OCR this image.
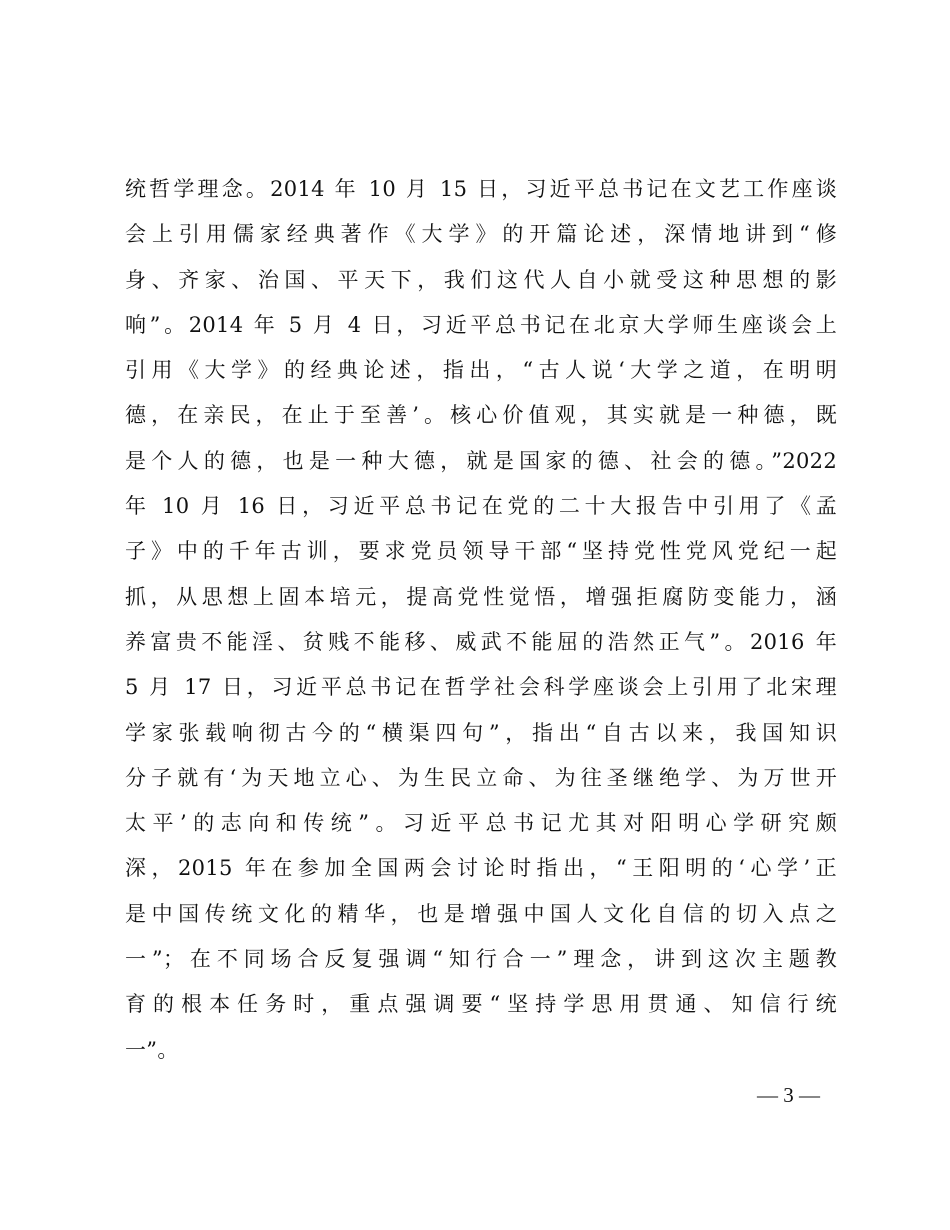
统哲学理念。2014 年 10 月 15 日，习近平总书记在文艺工作座谈
会上引用儒家经典著作《大学》的开篇论述，深情地讲到“修
身、齐家、治国、平天下，我们这代人自小就受这种思想的影
响”。2014 年 5 月 4 日，习近平总书记在北京大学师生座谈会上
引用《大学》的经典论述，指出，“古人说‘大学之道，在明明
德，在亲民，在止于至善’。核心价值观，其实就是一种德，既
是个人的德，也是一种大德，就是国家的德、社会的德。”2022
年 10 月 16 日，习近平总书记在党的二十大报告中引用了《孟
子》中的千年古训，要求党员领导干部“坚持党性党风党纪一起
抓，从思想上固本培元，提高党性觉悟，增强拒腐防变能力，涵
养富贵不能淫、贫贱不能移、威武不能屈的浩然正气”。2016 年
5 月 17 日，习近平总书记在哲学社会科学座谈会上引用了北宋理
学家张载响彻古今的“横渠四句”，指出“自古以来，我国知识
分子就有‘为天地立心、为生民立命、为往圣继绝学、为万世开
太平’的志向和传统”。习近平总书记尤其对阳明心学研究颇
深，2015 年在参加全国两会讨论时指出，“王阳明的‘心学’正
是中国传统文化的精华，也是增强中国人文化自信的切入点之
一”；在不同场合反复强调“知行合一”理念，讲到这次主题教
育的根本任务时，重点强调要“坚持学思用贯通、知信行统
一”。
— 3 —
